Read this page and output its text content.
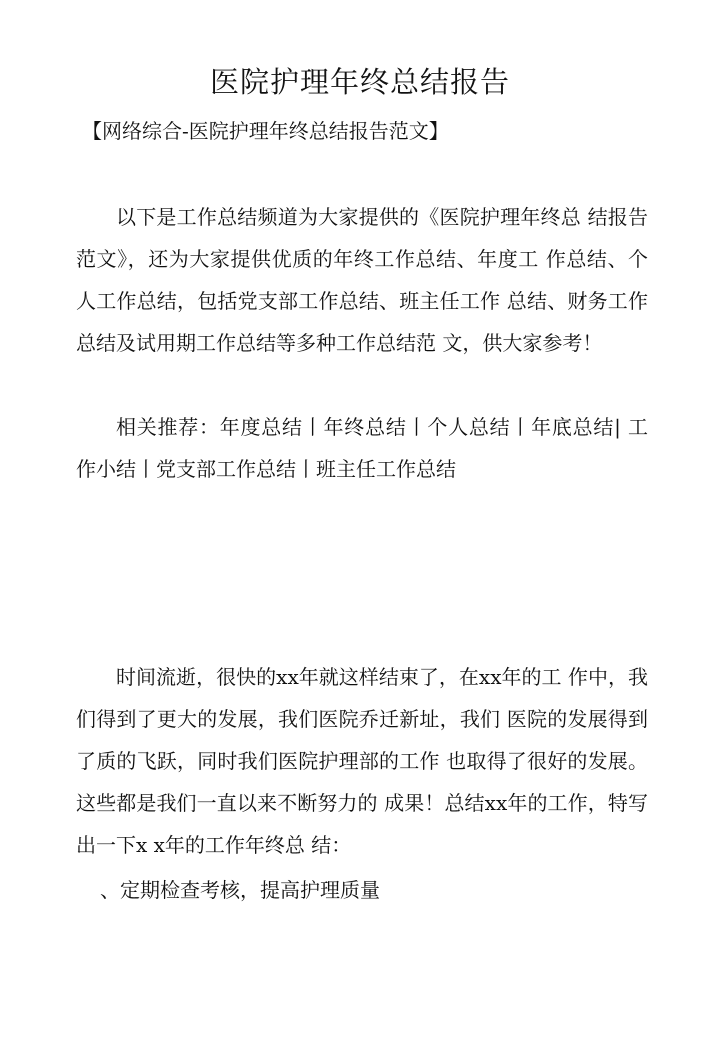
医院护理年终总结报告
【网络综合-医院护理年终总结报告范文】
以下是工作总结频道为大家提供的《医院护理年终总 结报告范文》，还为大家提供优质的年终工作总结、年度工 作总结、个人工作总结，包括党支部工作总结、班主任工作 总结、财务工作总结及试用期工作总结等多种工作总结范 文，供大家参考！
相关推荐：年度总结丨年终总结丨个人总结丨年底总结| 工作小结丨党支部工作总结丨班主任工作总结
时间流逝，很快的xx年就这样结束了，在xx年的工 作中，我们得到了更大的发展，我们医院乔迁新址，我们 医院的发展得到了质的飞跃，同时我们医院护理部的工作 也取得了很好的发展。这些都是我们一直以来不断努力的 成果！总结xx年的工作，特写出一下x x年的工作年终总 结：
、定期检查考核，提高护理质量
